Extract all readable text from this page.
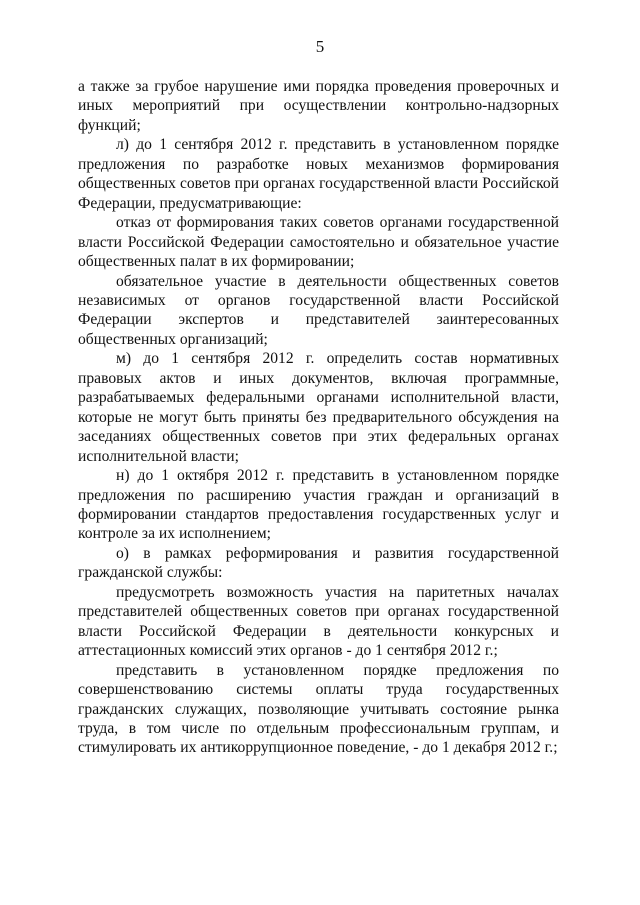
5

а также за грубое нарушение ими порядка проведения проверочных и иных мероприятий при осуществлении контрольно-надзорных функций;

л) до 1 сентября 2012 г. представить в установленном порядке предложения по разработке новых механизмов формирования общественных советов при органах государственной власти Российской Федерации, предусматривающие:

отказ от формирования таких советов органами государственной власти Российской Федерации самостоятельно и обязательное участие общественных палат в их формировании;

обязательное участие в деятельности общественных советов независимых от органов государственной власти Российской Федерации экспертов и представителей заинтересованных общественных организаций;

м) до 1 сентября 2012 г. определить состав нормативных правовых актов и иных документов, включая программные, разрабатываемых федеральными органами исполнительной власти, которые не могут быть приняты без предварительного обсуждения на заседаниях общественных советов при этих федеральных органах исполнительной власти;

н) до 1 октября 2012 г. представить в установленном порядке предложения по расширению участия граждан и организаций в формировании стандартов предоставления государственных услуг и контроле за их исполнением;

о) в рамках реформирования и развития государственной гражданской службы:

предусмотреть возможность участия на паритетных началах представителей общественных советов при органах государственной власти Российской Федерации в деятельности конкурсных и аттестационных комиссий этих органов - до 1 сентября 2012 г.;

представить в установленном порядке предложения по совершенствованию системы оплаты труда государственных гражданских служащих, позволяющие учитывать состояние рынка труда, в том числе по отдельным профессиональным группам, и стимулировать их антикоррупционное поведение, - до 1 декабря 2012 г.;
